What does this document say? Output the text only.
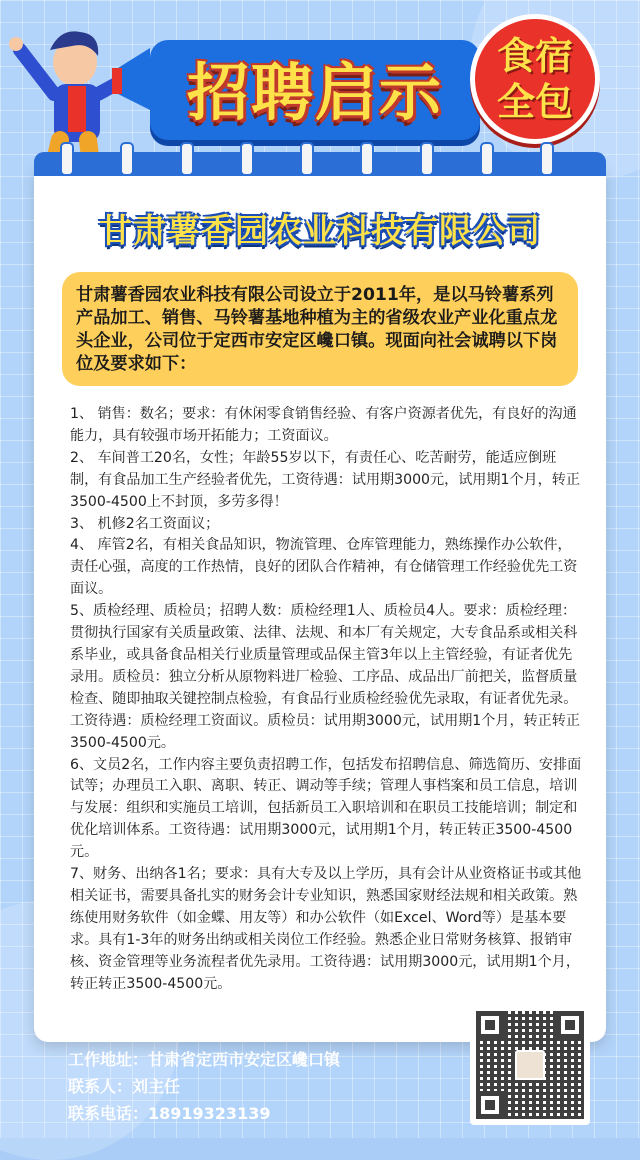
招聘启示	食宿
全包
甘肃薯香园农业科技有限公司
甘肃薯香园农业科技有限公司设立于2011年，是以马铃薯系列产品加工、销售、马铃薯基地种植为主的省级农业产业化重点龙头企业，公司位于定西市安定区巉口镇。现面向社会诚聘以下岗位及要求如下：

1、 销售：数名；要求：有休闲零食销售经验、有客户资源者优先，有良好的沟通能力，具有较强市场开拓能力；工资面议。

2、 车间普工20名，女性；年龄55岁以下，有责任心、吃苦耐劳，能适应倒班制，有食品加工生产经验者优先，工资待遇：试用期3000元，试用期1个月，转正3500-4500上不封顶，多劳多得！

3、 机修2名工资面议；

4、 库管2名，有相关食品知识，物流管理、仓库管理能力，熟练操作办公软件，责任心强，高度的工作热情，良好的团队合作精神，有仓储管理工作经验优先工资面议。

5、质检经理、质检员；招聘人数：质检经理1人、质检员4人。要求：质检经理：贯彻执行国家有关质量政策、法律、法规、和本厂有关规定，大专食品系或相关科系毕业，或具备食品相关行业质量管理或品保主管3年以上主管经验，有证者优先录用。质检员：独立分析从原物料进厂检验、工序品、成品出厂前把关，监督质量检查、随即抽取关键控制点检验，有食品行业质检经验优先录取，有证者优先录。工资待遇：质检经理工资面议。质检员：试用期3000元，试用期1个月，转正转正3500-4500元。

6、文员2名，工作内容主要负责招聘工作，包括发布招聘信息、筛选简历、安排面试等；办理员工入职、离职、转正、调动等手续；管理人事档案和员工信息，培训与发展：组织和实施员工培训，包括新员工入职培训和在职员工技能培训；制定和优化培训体系。工资待遇：试用期3000元，试用期1个月，转正转正3500-4500元。

7、财务、出纳各1名；要求：具有大专及以上学历，具有会计从业资格证书或其他相关证书，需要具备扎实的财务会计专业知识，熟悉国家财经法规和相关政策。熟练使用财务软件（如金蝶、用友等）和办公软件（如Excel、Word等）是基本要求。具有1-3年的财务出纳或相关岗位工作经验。熟悉企业日常财务核算、报销审核、资金管理等业务流程者优先录用。工资待遇：试用期3000元，试用期1个月，转正转正3500-4500元。

工作地址：甘肃省定西市安定区巉口镇
联系人：刘主任
联系电话：18919323139
